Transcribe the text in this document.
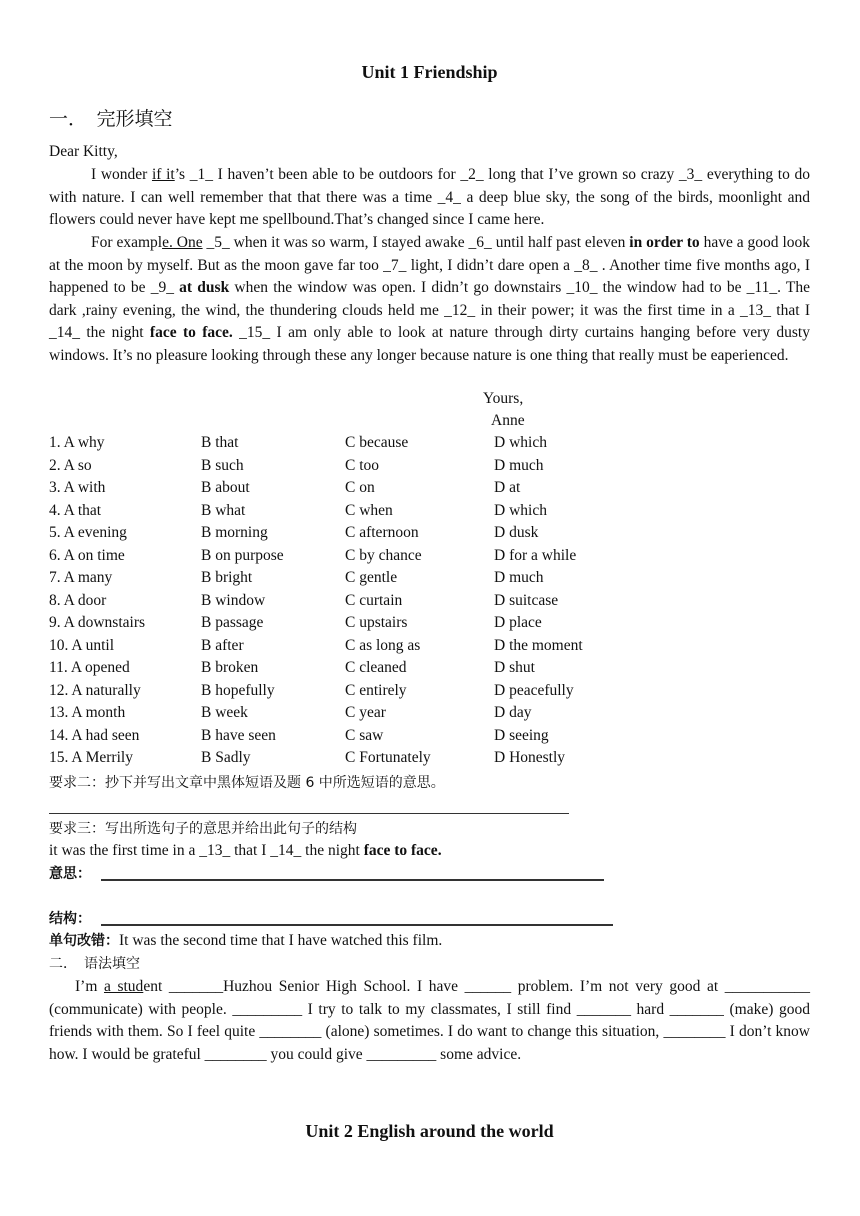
Unit 1 Friendship
一．　完形填空
Dear Kitty,
I wonder if it’s _1_ I haven’t been able to be outdoors for _2_ long that I’ve grown so crazy _3_ everything to do with nature. I can well remember that that there was a time _4_ a deep blue sky, the song of the birds, moonlight and flowers could never have kept me spellbound.That’s changed since I came here.
For example. One _5_ when it was so warm, I stayed awake _6_ until half past eleven in order to have a good look at the moon by myself. But as the moon gave far too _7_ light, I didn’t dare open a _8_ . Another time five months ago, I happened to be _9_ at dusk when the window was open. I didn’t go downstairs _10_ the window had to be _11_. The dark ,rainy evening, the wind, the thundering clouds held me _12_ in their power; it was the first time in a _13_ that I _14_ the night face to face. _15_ I am only able to look at nature through dirty curtains hanging before very dusty windows. It’s no pleasure looking through these any longer because nature is one thing that really must be eaperienced.
Yours,
Anne
1. A why	B that	C because	D which
2. A so	B such	C too	D much
3. A with	B about	C on	D at
4. A that	B what	C when	D which
5. A evening	B morning	C afternoon	D dusk
6. A on time	B on purpose	C by chance	D for a while
7. A many	B bright	C gentle	D much
8. A door	B window	C curtain	D suitcase
9. A downstairs	B passage	C upstairs	D place
10. A until	B after	C as long as	D the moment
11. A opened	B broken	C cleaned	D shut
12. A naturally	B hopefully	C entirely	D peacefully
13. A month	B week	C year	D day
14. A had seen	B have seen	C saw	D seeing
15. A Merrily	B Sadly	C Fortunately	D Honestly
要求二：抄下并写出文章中黑体短语及题 6 中所选短语的意思。
要求三：写出所选句子的意思并给出此句子的结构
it was the first time in a _13_ that I _14_ the night face to face.
意思：
结构：
单句改错：It was the second time that I have watched this film.
二．　语法填空
I’m a student _______Huzhou Senior High School. I have ______ problem. I’m not very good at ___________ (communicate) with people. _________ I try to talk to my classmates, I still find _______ hard _______ (make) good friends with them. So I feel quite ________ (alone) sometimes. I do want to change this situation, ________ I don’t know how. I would be grateful ________ you could give _________ some advice.
Unit 2 English around the world
